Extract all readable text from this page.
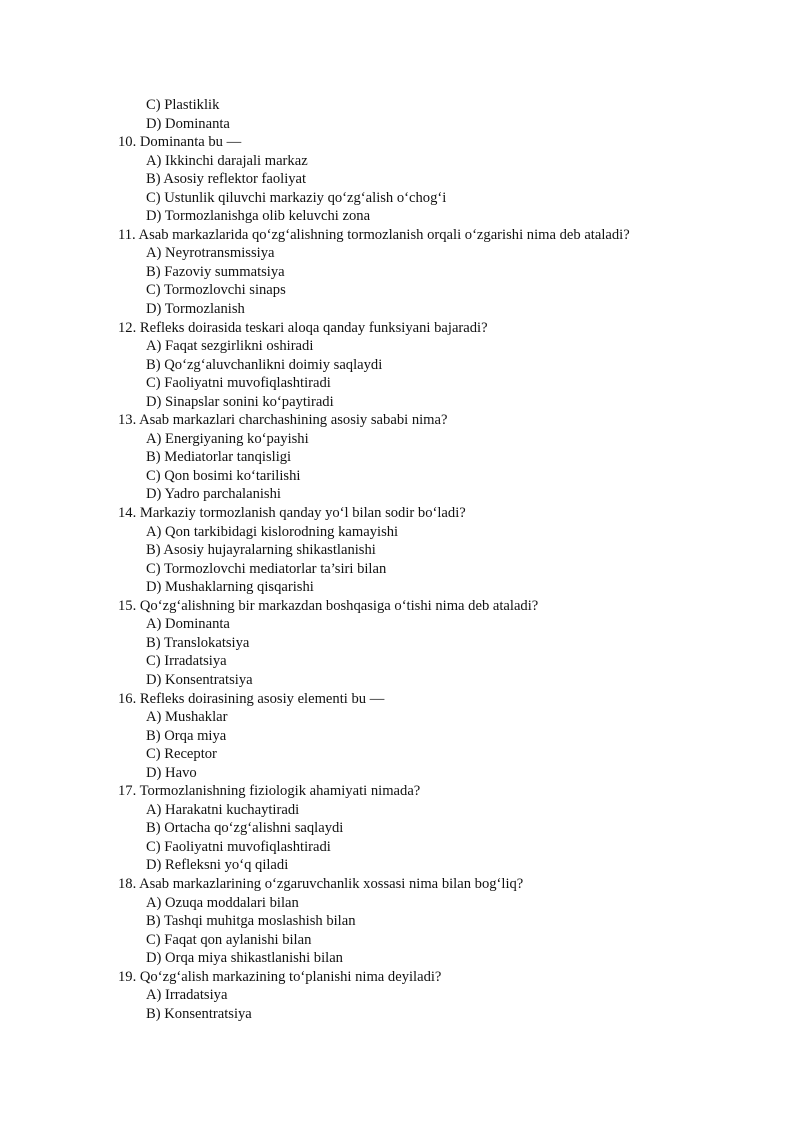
C) Plastiklik
D) Dominanta
10. Dominanta bu —
A) Ikkinchi darajali markaz
B) Asosiy reflektor faoliyat
C) Ustunlik qiluvchi markaziy qo‘zg‘alish o‘chog‘i
D) Tormozlanishga olib keluvchi zona
11. Asab markazlarida qo‘zg‘alishning tormozlanish orqali o‘zgarishi nima deb ataladi?
A) Neyrotransmissiya
B) Fazoviy summatsiya
C) Tormozlovchi sinaps
D) Tormozlanish
12. Refleks doirasida teskari aloqa qanday funksiyani bajaradi?
A) Faqat sezgirlikni oshiradi
B) Qo‘zg‘aluvchanlikni doimiy saqlaydi
C) Faoliyatni muvofiqlashtiradi
D) Sinapslar sonini ko‘paytiradi
13. Asab markazlari charchashining asosiy sababi nima?
A) Energiyaning ko‘payishi
B) Mediatorlar tanqisligi
C) Qon bosimi ko‘tarilishi
D) Yadro parchalanishi
14. Markaziy tormozlanish qanday yo‘l bilan sodir bo‘ladi?
A) Qon tarkibidagi kislorodning kamayishi
B) Asosiy hujayralarning shikastlanishi
C) Tormozlovchi mediatorlar ta’siri bilan
D) Mushaklarning qisqarishi
15. Qo‘zg‘alishning bir markazdan boshqasiga o‘tishi nima deb ataladi?
A) Dominanta
B) Translokatsiya
C) Irradatsiya
D) Konsentratsiya
16. Refleks doirasining asosiy elementi bu —
A) Mushaklar
B) Orqa miya
C) Receptor
D) Havo
17. Tormozlanishning fiziologik ahamiyati nimada?
A) Harakatni kuchaytiradi
B) Ortacha qo‘zg‘alishni saqlaydi
C) Faoliyatni muvofiqlashtiradi
D) Refleksni yo‘q qiladi
18. Asab markazlarining o‘zgaruvchanlik xossasi nima bilan bog‘liq?
A) Ozuqa moddalari bilan
B) Tashqi muhitga moslashish bilan
C) Faqat qon aylanishi bilan
D) Orqa miya shikastlanishi bilan
19. Qo‘zg‘alish markazining to‘planishi nima deyiladi?
A) Irradatsiya
B) Konsentratsiya
